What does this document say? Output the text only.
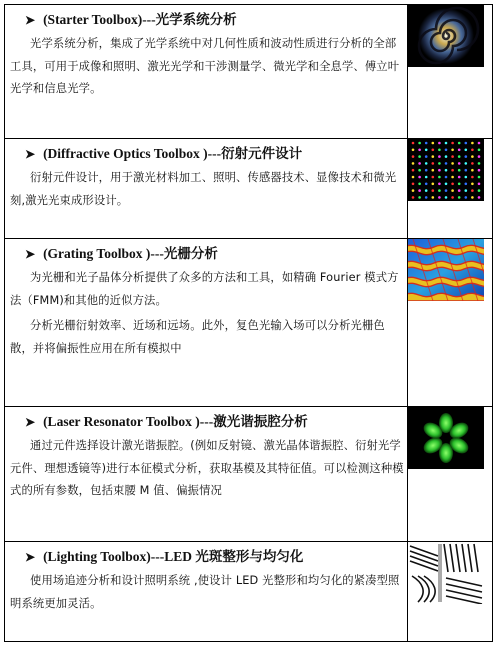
➤ (Starter Toolbox)---光学系统分析
光学系统分析，集成了光学系统中对几何性质和波动性质进行分析的全部工具，可用于成像和照明、激光光学和干涉测量学、微光学和全息学、傅立叶光学和信息光学。

➤ (Diffractive Optics Toolbox )---衍射元件设计
衍射元件设计，用于激光材料加工、照明、传感器技术、显像技术和微光刻,激光光束成形设计。

➤ (Grating Toolbox )---光栅分析
为光栅和光子晶体分析提供了众多的方法和工具，如精确 Fourier 模式方法（FMM)和其他的近似方法。
分析光栅衍射效率、近场和远场。此外，复色光输入场可以分析光栅色散，并将偏振性应用在所有模拟中

➤ (Laser Resonator Toolbox )---激光谐振腔分析
通过元件选择设计激光谐振腔。(例如反射镜、激光晶体谐振腔、衍射光学元件、理想透镜等)进行本征模式分析，获取基模及其特征值。可以检测这种模式的所有参数，包括束腰 M 值、偏振情况

➤ (Lighting Toolbox)---LED 光斑整形与均匀化
使用场追迹分析和设计照明系统 ,使设计 LED 光整形和均匀化的紧凑型照明系统更加灵活。
